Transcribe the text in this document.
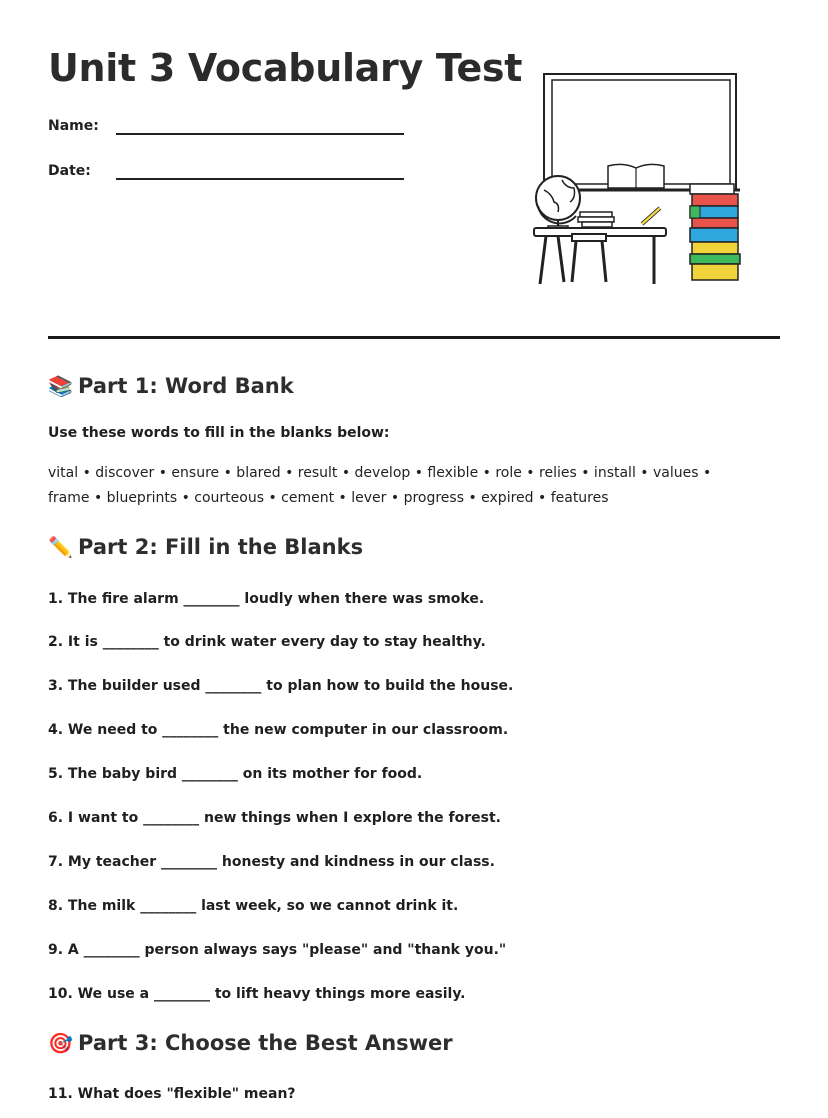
Unit 3 Vocabulary Test
Name:
Date:
📚 Part 1: Word Bank
Use these words to fill in the blanks below:
vital • discover • ensure • blared • result • develop • flexible • role • relies • install • values • frame • blueprints • courteous • cement • lever • progress • expired • features
✏️ Part 2: Fill in the Blanks
1. The fire alarm ________ loudly when there was smoke.
2. It is ________ to drink water every day to stay healthy.
3. The builder used ________ to plan how to build the house.
4. We need to ________ the new computer in our classroom.
5. The baby bird ________ on its mother for food.
6. I want to ________ new things when I explore the forest.
7. My teacher ________ honesty and kindness in our class.
8. The milk ________ last week, so we cannot drink it.
9. A ________ person always says "please" and "thank you."
10. We use a ________ to lift heavy things more easily.
🎯 Part 3: Choose the Best Answer
11. What does "flexible" mean?
